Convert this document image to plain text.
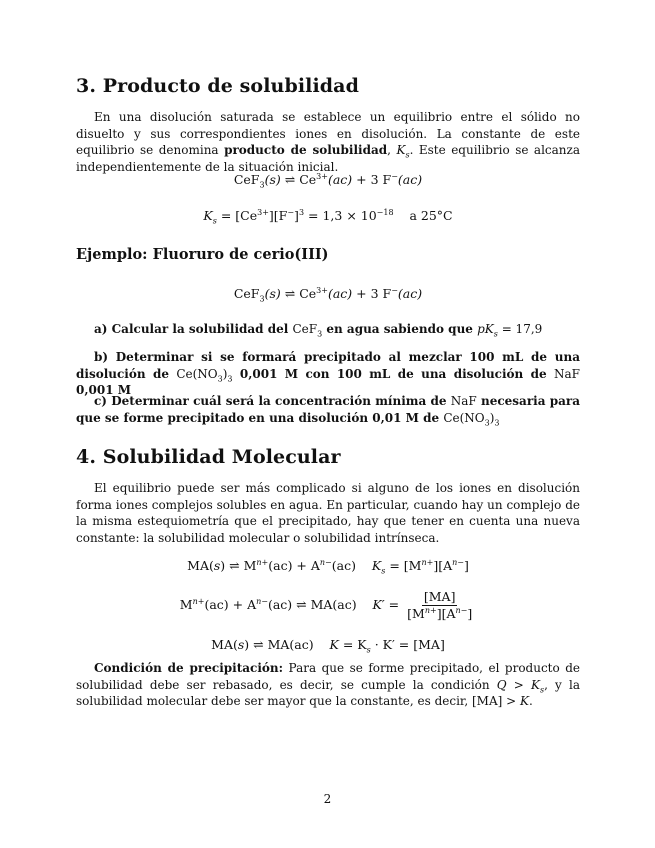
3. Producto de solubilidad
En una disolución saturada se establece un equilibrio entre el sólido no disuelto y sus correspondientes iones en disolución. La constante de este equilibrio se denomina producto de solubilidad, $K_s$. Este equilibrio se alcanza independientemente de la situación inicial.
CeF$_3$(s) ⇌ $Ce^{3+}(ac) + 3$ F−(ac)
$K_s = [Ce^{3+}][F^-]^3 = 1,3 \times 10^{-18}$ a 25°C
Ejemplo: Fluoruro de cerio(III)
CeF$_3$(s) ⇌ $Ce^{3+}(ac) + 3$ F−(ac)
a) Calcular la solubilidad del CeF$_3$ en agua sabiendo que $pK_s = 17,9$
b) Determinar si se formará precipitado al mezclar 100 mL de una disolución de $Ce(NO_3)_3$ 0,001 M con 100 mL de una disolución de NaF 0,001 M
c) Determinar cuál será la concentración mínima de NaF necesaria para que se forme precipitado en una disolución 0,01 M de $Ce(NO_3)_3$
4. Solubilidad Molecular
El equilibrio puede ser más complicado si alguno de los iones en disolución forma iones complejos solubles en agua. En particular, cuando hay un complejo de la misma estequiometría que el precipitado, hay que tener en cuenta una nueva constante: la solubilidad molecular o solubilidad intrínseca.
MA(s) ⇌ $M^{n+}(ac) + A^{n-}(ac) K_s = [M^{n+}][A^{n-}]$
$M^{n+}(ac) + A^{n-}(ac)$ ⇌ MA(ac) $K' = \frac{[MA]}{[M^{n+}][A^{n-}]}$
MA(s) ⇌ MA(ac) $K = K_s \cdot K' = [MA]$
Condición de precipitación: Para que se forme precipitado, el producto de solubilidad debe ser rebasado, es decir, se cumple la condición $Q > K_s$, y la solubilidad molecular debe ser mayor que la constante, es decir, [MA] > K.
2
